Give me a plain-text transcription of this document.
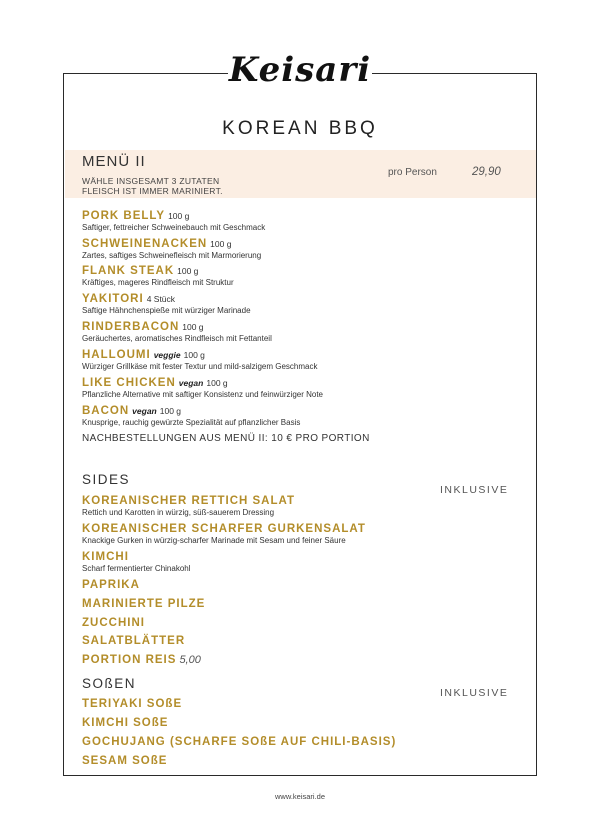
Keisari
KOREAN BBQ
MENÜ II
WÄHLE INSGESAMT 3 ZUTATEN
FLEISCH IST IMMER MARINIERT.
pro Person	29,90
PORK BELLY 100 g
Saftiger, fettreicher Schweinebauch mit Geschmack
SCHWEINENACKEN 100 g
Zartes, saftiges Schweinefleisch mit Marmorierung
FLANK STEAK 100 g
Kräftiges, mageres Rindfleisch mit Struktur
YAKITORI 4 Stück
Saftige Hähnchenspieße mit würziger Marinade
RINDERBACON 100 g
Geräuchertes, aromatisches Rindfleisch mit Fettanteil
HALLOUMI veggie 100 g
Würziger Grillkäse mit fester Textur und mild-salzigem Geschmack
LIKE CHICKEN vegan 100 g
Pflanzliche Alternative mit saftiger Konsistenz und feinwürziger Note
BACON vegan 100 g
Knusprige, rauchig gewürzte Spezialität auf pflanzlicher Basis
NACHBESTELLUNGEN AUS MENÜ II: 10 € PRO PORTION
SIDES
INKLUSIVE
KOREANISCHER RETTICH SALAT
Rettich und Karotten in würzig, süß-sauerem Dressing
KOREANISCHER SCHARFER GURKENSALAT
Knackige Gurken in würzig-scharfer Marinade mit Sesam und feiner Säure
KIMCHI
Scharf fermentierter Chinakohl
PAPRIKA
MARINIERTE PILZE
ZUCCHINI
SALATBLÄTTER
PORTION REIS 5,00
SOßEN
INKLUSIVE
TERIYAKI SOßE
KIMCHI SOßE
GOCHUJANG (SCHARFE SOßE AUF CHILI-BASIS)
SESAM SOßE
www.keisari.de
